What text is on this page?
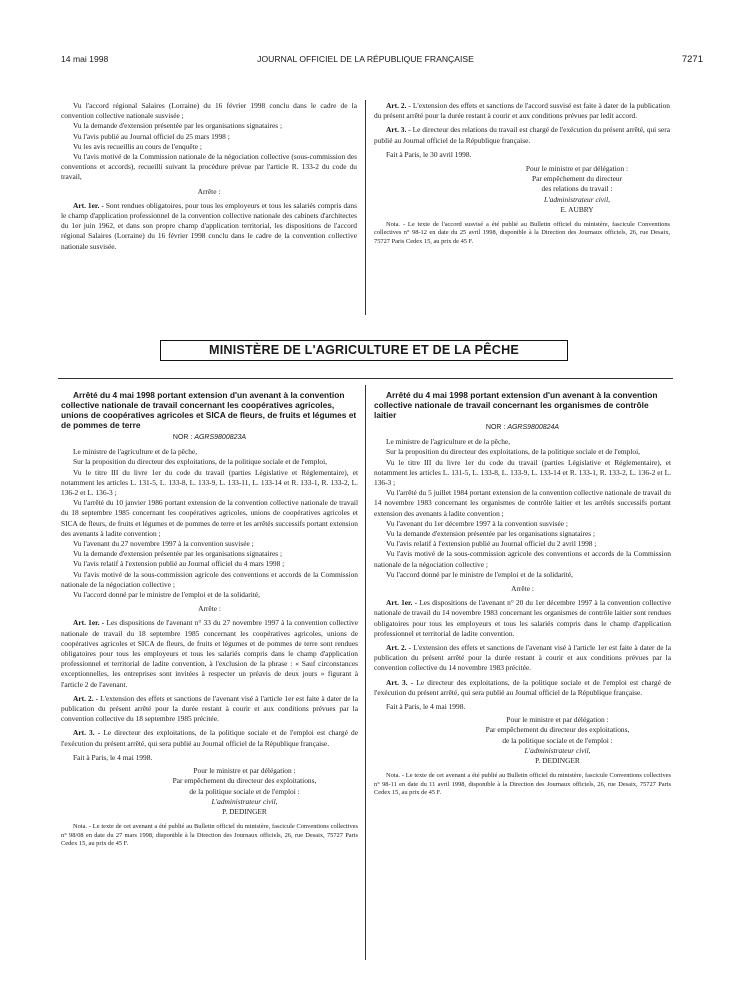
14 mai 1998	JOURNAL OFFICIEL DE LA RÉPUBLIQUE FRANÇAISE	7271

Vu l'accord régional Salaires (Lorraine) du 16 février 1998 conclu dans le cadre de la convention collective nationale susvisée ;

Vu la demande d'extension présentée par les organisations signataires ;

Vu l'avis publié au Journal officiel du 25 mars 1998 ;

Vu les avis recueillis au cours de l'enquête ;

Vu l'avis motivé de la Commission nationale de la négociation collective (sous-commission des conventions et accords), recueilli suivant la procédure prévue par l'article R. 133-2 du code du travail,

Arrête :

Art. 1er. - Sont rendues obligatoires, pour tous les employeurs et tous les salariés compris dans le champ d'application professionnel de la convention collective nationale des cabinets d'architectes du 1er juin 1962, et dans son propre champ d'application territorial, les dispositions de l'accord régional Salaires (Lorraine) du 16 février 1998 conclu dans le cadre de la convention collective nationale susvisée.

Art. 2. - L'extension des effets et sanctions de l'accord susvisé est faite à dater de la publication du présent arrêté pour la durée restant à courir et aux conditions prévues par ledit accord.

Art. 3. - Le directeur des relations du travail est chargé de l'exécution du présent arrêté, qui sera publié au Journal officiel de la République française.

Fait à Paris, le 30 avril 1998.

Pour le ministre et par délégation :
Par empêchement du directeur
des relations du travail :
L'administrateur civil,
E. AUBRY

Nota. - Le texte de l'accord susvisé a été publié au Bulletin officiel du ministère, fascicule Conventions collectives n° 98-12 en date du 25 avril 1998, disponible à la Direction des Journaux officiels, 26, rue Desaix, 75727 Paris Cedex 15, au prix de 45 F.

MINISTÈRE DE L'AGRICULTURE ET DE LA PÊCHE

Arrêté du 4 mai 1998 portant extension d'un avenant à la convention collective nationale de travail concernant les coopératives agricoles, unions de coopératives agricoles et SICA de fleurs, de fruits et légumes et de pommes de terre

NOR : AGRS9800823A

Le ministre de l'agriculture et de la pêche,

Sur la proposition du directeur des exploitations, de la politique sociale et de l'emploi,

Vu le titre III du livre 1er du code du travail (parties Législative et Réglementaire), et notamment les articles L. 131-5, L. 133-8, L. 133-9, L. 133-11, L. 133-14 et R. 133-1, R. 133-2, L. 136-2 et L. 136-3 ;

Vu l'arrêté du 10 janvier 1986 portant extension de la convention collective nationale de travail du 18 septembre 1985 concernant les coopératives agricoles, unions de coopératives agricoles et SICA de fleurs, de fruits et légumes et de pommes de terre et les arrêtés successifs portant extension des avenants à ladite convention ;

Vu l'avenant du 27 novembre 1997 à la convention susvisée ;

Vu la demande d'extension présentée par les organisations signataires ;

Vu l'avis relatif à l'extension publié au Journal officiel du 4 mars 1998 ;

Vu l'avis motivé de la sous-commission agricole des conventions et accords de la Commission nationale de la négociation collective ;

Vu l'accord donné par le ministre de l'emploi et de la solidarité,

Arrête :

Art. 1er. - Les dispositions de l'avenant n° 33 du 27 novembre 1997 à la convention collective nationale de travail du 18 septembre 1985 concernant les coopératives agricoles, unions de coopératives agricoles et SICA de fleurs, de fruits et légumes et de pommes de terre sont rendues obligatoires pour tous les employeurs et tous les salariés compris dans le champ d'application professionnel et territorial de ladite convention, à l'exclusion de la phrase : « Sauf circonstances exceptionnelles, les entreprises sont invitées à respecter un préavis de deux jours » figurant à l'article 2 de l'avenant.

Art. 2. - L'extension des effets et sanctions de l'avenant visé à l'article 1er est faite à dater de la publication du présent arrêté pour la durée restant à courir et aux conditions prévues par la convention collective du 18 septembre 1985 précitée.

Art. 3. - Le directeur des exploitations, de la politique sociale et de l'emploi est chargé de l'exécution du présent arrêté, qui sera publié au Journal officiel de la République française.

Fait à Paris, le 4 mai 1998.

Pour le ministre et par délégation :
Par empêchement du directeur des exploitations,
de la politique sociale et de l'emploi :
L'administrateur civil,
P. DEDINGER

Nota. - Le texte de cet avenant a été publié au Bulletin officiel du ministère, fascicule Conventions collectives n° 98/08 en date du 27 mars 1998, disponible à la Direction des Journaux officiels, 26, rue Desaix, 75727 Paris Cedex 15, au prix de 45 F.

Arrêté du 4 mai 1998 portant extension d'un avenant à la convention collective nationale de travail concernant les organismes de contrôle laitier

NOR : AGRS9800824A

Le ministre de l'agriculture et de la pêche,

Sur la proposition du directeur des exploitations, de la politique sociale et de l'emploi,

Vu le titre III du livre 1er du code du travail (parties Législative et Réglementaire), et notamment les articles L. 131-5, L. 133-8, L. 133-9, L. 133-14 et R. 133-1, R. 133-2, L. 136-2 et L. 136-3 ;

Vu l'arrêté du 5 juillet 1984 portant extension de la convention collective nationale de travail du 14 novembre 1983 concernant les organismes de contrôle laitier et les arrêtés successifs portant extension des avenants à ladite convention ;

Vu l'avenant du 1er décembre 1997 à la convention susvisée ;

Vu la demande d'extension présentée par les organisations signataires ;

Vu l'avis relatif à l'extension publié au Journal officiel du 2 avril 1998 ;

Vu l'avis motivé de la sous-commission agricole des conventions et accords de la Commission nationale de la négociation collective ;

Vu l'accord donné par le ministre de l'emploi et de la solidarité,

Arrête :

Art. 1er. - Les dispositions de l'avenant n° 20 du 1er décembre 1997 à la convention collective nationale de travail du 14 novembre 1983 concernant les organismes de contrôle laitier sont rendues obligatoires pour tous les employeurs et tous les salariés compris dans le champ d'application professionnel et territorial de ladite convention.

Art. 2. - L'extension des effets et sanctions de l'avenant visé à l'article 1er est faite à dater de la publication du présent arrêté pour la durée restant à courir et aux conditions prévues par la convention collective du 14 novembre 1983 précitée.

Art. 3. - Le directeur des exploitations, de la politique sociale et de l'emploi est chargé de l'exécution du présent arrêté, qui sera publié au Journal officiel de la République française.

Fait à Paris, le 4 mai 1998.

Pour le ministre et par délégation :
Par empêchement du directeur des exploitations,
de la politique sociale et de l'emploi :
L'administrateur civil,
P. DEDINGER

Nota. - Le texte de cet avenant a été publié au Bulletin officiel du ministère, fascicule Conventions collectives n° 98-11 en date du 11 avril 1998, disponible à la Direction des Journaux officiels, 26, rue Desaix, 75727 Paris Cedex 15, au prix de 45 F.
